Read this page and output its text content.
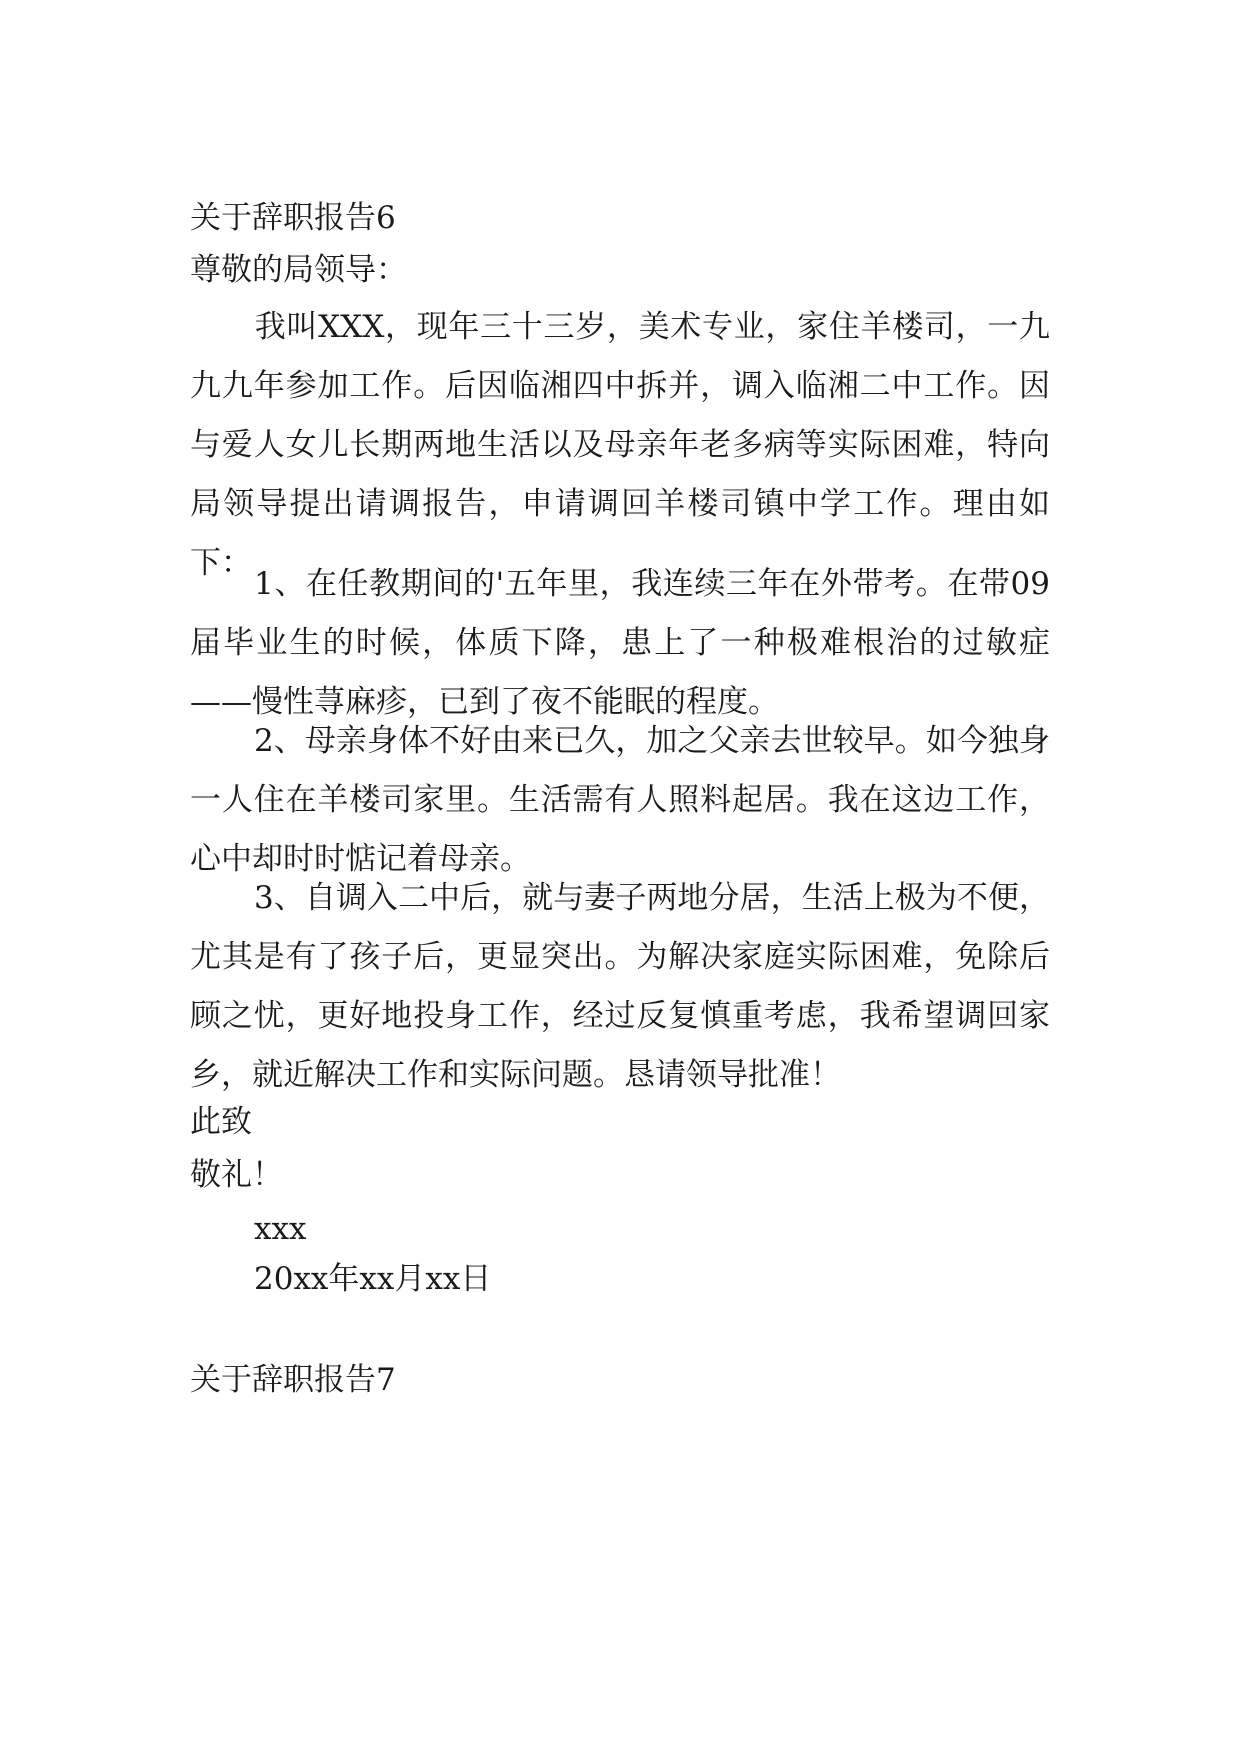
关于辞职报告6
尊敬的局领导：
我叫XXX，现年三十三岁，美术专业，家住羊楼司，一九九九年参加工作。后因临湘四中拆并，调入临湘二中工作。因与爱人女儿长期两地生活以及母亲年老多病等实际困难，特向局领导提出请调报告，申请调回羊楼司镇中学工作。理由如下：
1、在任教期间的'五年里，我连续三年在外带考。在带09届毕业生的时候，体质下降，患上了一种极难根治的过敏症——慢性荨麻疹，已到了夜不能眠的程度。
2、母亲身体不好由来已久，加之父亲去世较早。如今独身一人住在羊楼司家里。生活需有人照料起居。我在这边工作，心中却时时惦记着母亲。
3、自调入二中后，就与妻子两地分居，生活上极为不便，尤其是有了孩子后，更显突出。为解决家庭实际困难，免除后顾之忧，更好地投身工作，经过反复慎重考虑，我希望调回家乡，就近解决工作和实际问题。恳请领导批准！
此致
敬礼！
xxx
20xx年xx月xx日
关于辞职报告7
